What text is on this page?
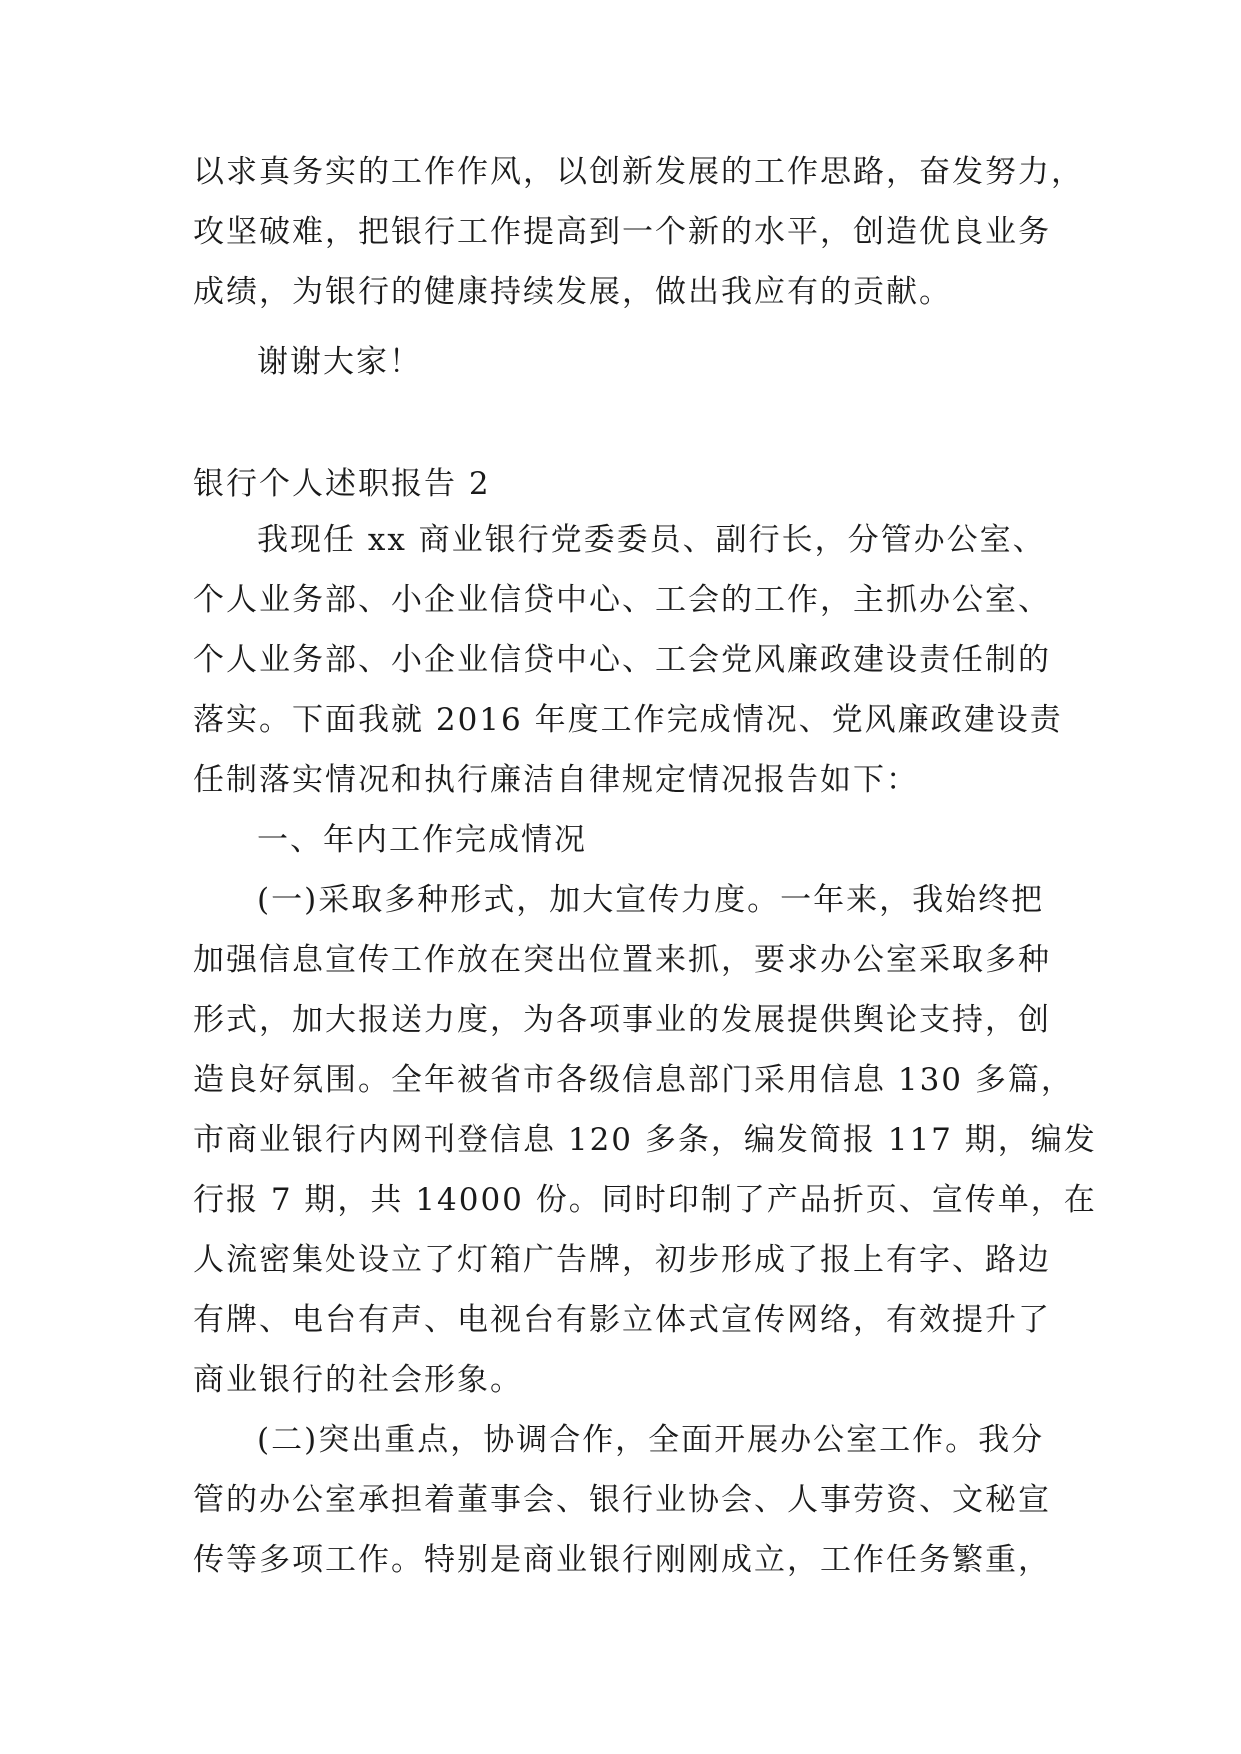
以求真务实的工作作风，以创新发展的工作思路，奋发努力，
攻坚破难，把银行工作提高到一个新的水平，创造优良业务
成绩，为银行的健康持续发展，做出我应有的贡献。
谢谢大家！
银行个人述职报告 2
我现任 xx 商业银行党委委员、副行长，分管办公室、
个人业务部、小企业信贷中心、工会的工作，主抓办公室、
个人业务部、小企业信贷中心、工会党风廉政建设责任制的
落实。下面我就 2016 年度工作完成情况、党风廉政建设责
任制落实情况和执行廉洁自律规定情况报告如下：
一、年内工作完成情况
(一)采取多种形式，加大宣传力度。一年来，我始终把
加强信息宣传工作放在突出位置来抓，要求办公室采取多种
形式，加大报送力度，为各项事业的发展提供舆论支持，创
造良好氛围。全年被省市各级信息部门采用信息 130 多篇，
市商业银行内网刊登信息 120 多条，编发简报 117 期，编发
行报 7 期，共 14000 份。同时印制了产品折页、宣传单，在
人流密集处设立了灯箱广告牌，初步形成了报上有字、路边
有牌、电台有声、电视台有影立体式宣传网络，有效提升了
商业银行的社会形象。
(二)突出重点，协调合作，全面开展办公室工作。我分
管的办公室承担着董事会、银行业协会、人事劳资、文秘宣
传等多项工作。特别是商业银行刚刚成立，工作任务繁重，
